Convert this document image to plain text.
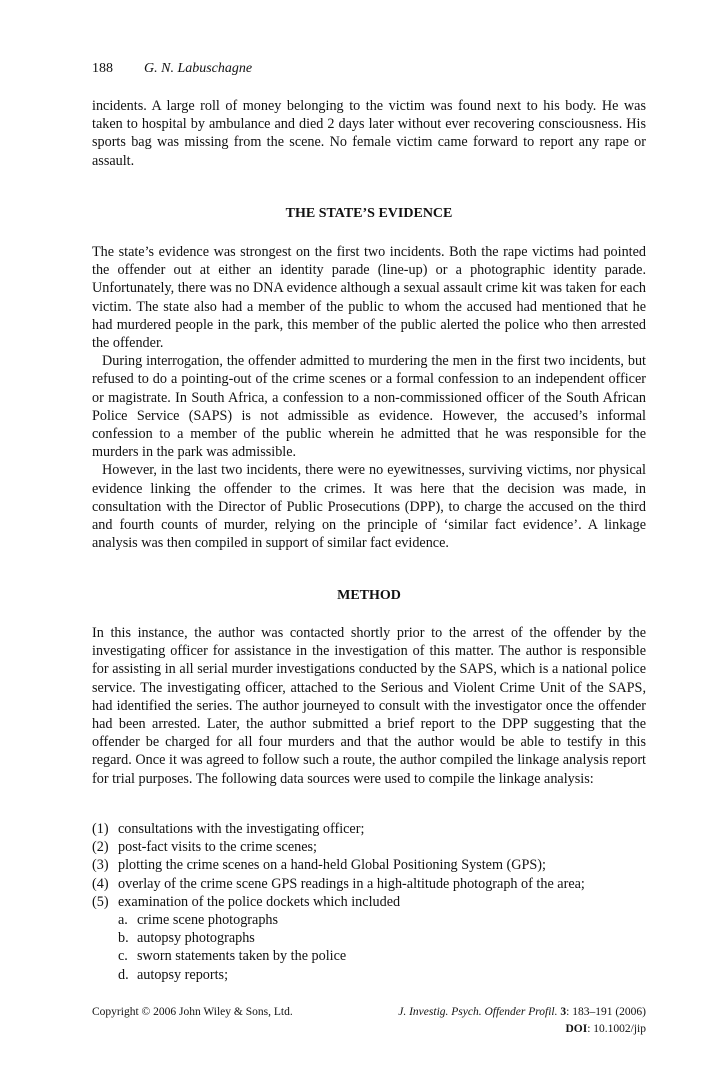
188 G. N. Labuschagne

incidents. A large roll of money belonging to the victim was found next to his body. He was taken to hospital by ambulance and died 2 days later without ever recovering consciousness. His sports bag was missing from the scene. No female victim came forward to report any rape or assault.

THE STATE’S EVIDENCE

The state’s evidence was strongest on the first two incidents. Both the rape victims had pointed the offender out at either an identity parade (line-up) or a photographic identity parade. Unfortunately, there was no DNA evidence although a sexual assault crime kit was taken for each victim. The state also had a member of the public to whom the accused had mentioned that he had murdered people in the park, this member of the public alerted the police who then arrested the offender.

During interrogation, the offender admitted to murdering the men in the first two incidents, but refused to do a pointing-out of the crime scenes or a formal confession to an independent officer or magistrate. In South Africa, a confession to a non-commissioned officer of the South African Police Service (SAPS) is not admissible as evidence. However, the accused’s informal confession to a member of the public wherein he admitted that he was responsible for the murders in the park was admissible.

However, in the last two incidents, there were no eyewitnesses, surviving victims, nor physical evidence linking the offender to the crimes. It was here that the decision was made, in consultation with the Director of Public Prosecutions (DPP), to charge the accused on the third and fourth counts of murder, relying on the principle of ‘similar fact evidence’. A linkage analysis was then compiled in support of similar fact evidence.

METHOD

In this instance, the author was contacted shortly prior to the arrest of the offender by the investigating officer for assistance in the investigation of this matter. The author is responsible for assisting in all serial murder investigations conducted by the SAPS, which is a national police service. The investigating officer, attached to the Serious and Violent Crime Unit of the SAPS, had identified the series. The author journeyed to consult with the investigator once the offender had been arrested. Later, the author submitted a brief report to the DPP suggesting that the offender be charged for all four murders and that the author would be able to testify in this regard. Once it was agreed to follow such a route, the author compiled the linkage analysis report for trial purposes. The following data sources were used to compile the linkage analysis:

(1) consultations with the investigating officer;
(2) post-fact visits to the crime scenes;
(3) plotting the crime scenes on a hand-held Global Positioning System (GPS);
(4) overlay of the crime scene GPS readings in a high-altitude photograph of the area;
(5) examination of the police dockets which included
a. crime scene photographs
b. autopsy photographs
c. sworn statements taken by the police
d. autopsy reports;
Copyright © 2006 John Wiley & Sons, Ltd.	J. Investig. Psych. Offender Profil. 3: 183–191 (2006)
DOI: 10.1002/jip
